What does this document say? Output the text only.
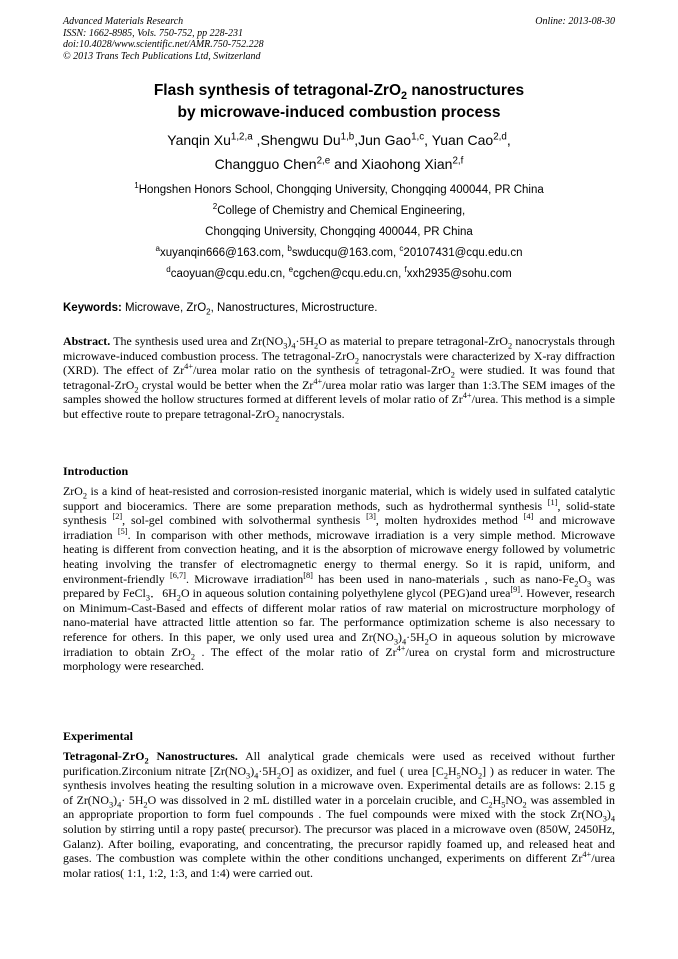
Advanced Materials Research
ISSN: 1662-8985, Vols. 750-752, pp 228-231
doi:10.4028/www.scientific.net/AMR.750-752.228
© 2013 Trans Tech Publications Ltd, Switzerland
Online: 2013-08-30
Flash synthesis of tetragonal-ZrO$_2$ nanostructures
by microwave-induced combustion process
Yanqin Xu$^{1,2,a}$ ,Shengwu Du$^{1,b}$,Jun Gao$^{1,c}$, Yuan Cao$^{2,d}$,
Changguo Chen$^{2,e}$ and Xiaohong Xian$^{2,f}$
$^1$Hongshen Honors School, Chongqing University, Chongqing 400044, PR China
$^2$College of Chemistry and Chemical Engineering,
Chongqing University, Chongqing 400044, PR China
$^a$xuyanqin666@163.com, $^b$swducqu@163.com, $^c$20107431@cqu.edu.cn
$^d$caoyuan@cqu.edu.cn, $^e$cgchen@cqu.edu.cn, $^f$xxh2935@sohu.com
Keywords: Microwave, ZrO$_2$, Nanostructures, Microstructure.
Abstract. The synthesis used urea and $Zr(NO_3)_4\cdot 5H_2O$ as material to prepare tetragonal-ZrO$_2$ nanocrystals through microwave-induced combustion process. The tetragonal-ZrO$_2$ nanocrystals were characterized by X-ray diffraction (XRD). The effect of $Zr^{4+}$/urea molar ratio on the synthesis of tetragonal-ZrO$_2$ were studied. It was found that tetragonal-ZrO$_2$ crystal would be better when the $Zr^{4+}$/urea molar ratio was larger than 1:3.The SEM images of the samples showed the hollow structures formed at different levels of molar ratio of $Zr^{4+}$/urea. This method is a simple but effective route to prepare tetragonal-ZrO$_2$ nanocrystals.
Introduction
ZrO$_2$ is a kind of heat-resisted and corrosion-resisted inorganic material, which is widely used in sulfated catalytic support and bioceramics. There are some preparation methods, such as hydrothermal synthesis [1], solid-state synthesis [2], sol-gel combined with solvothermal synthesis [3], molten hydroxides method [4] and microwave irradiation [5]. In comparison with other methods, microwave irradiation is a very simple method. Microwave heating is different from convection heating, and it is the absorption of microwave energy followed by volumetric heating involving the transfer of electromagnetic energy to thermal energy. So it is rapid, uniform, and environment-friendly [6,7]. Microwave irradiation[8] has been used in nano-materials , such as nano-$Fe_2O_3$ was prepared by FeCl$_3$．$6H_2O$ in aqueous solution containing polyethylene glycol (PEG)and urea[9]. However, research on Minimum-Cast-Based and effects of different molar ratios of raw material on microstructure morphology of nano-material have attracted little attention so far. The performance optimization scheme is also necessary to reference for others. In this paper, we only used urea and $Zr(NO_3)_4\cdot 5H_2O$ in aqueous solution by microwave irradiation to obtain ZrO$_2$ . The effect of the molar ratio of $Zr^{4+}$/urea on crystal form and microstructure morphology were researched.
Experimental
Tetragonal-ZrO$_2$ Nanostructures. All analytical grade chemicals were used as received without further purification.Zirconium nitrate $[Zr(NO_3)_4\cdot 5H_2O]$ as oxidizer, and fuel ( urea $[C_2H_5NO_2]$ ) as reducer in water. The synthesis involves heating the resulting solution in a microwave oven. Experimental details are as follows: 2.15 g of $Zr(NO_3)_4\cdot 5H_2O$ was dissolved in 2 mL distilled water in a porcelain crucible, and $C_2H_5NO_2$ was assembled in an appropriate proportion to form fuel compounds . The fuel compounds were mixed with the stock $Zr(NO_3)_4$ solution by stirring until a ropy paste( precursor). The precursor was placed in a microwave oven (850W, 2450Hz, Galanz). After boiling, evaporating, and concentrating, the precursor rapidly foamed up, and released heat and gases. The combustion was complete within the other conditions unchanged, experiments on different $Zr^{4+}$/urea molar ratios( 1:1, 1:2, 1:3, and 1:4) were carried out.
